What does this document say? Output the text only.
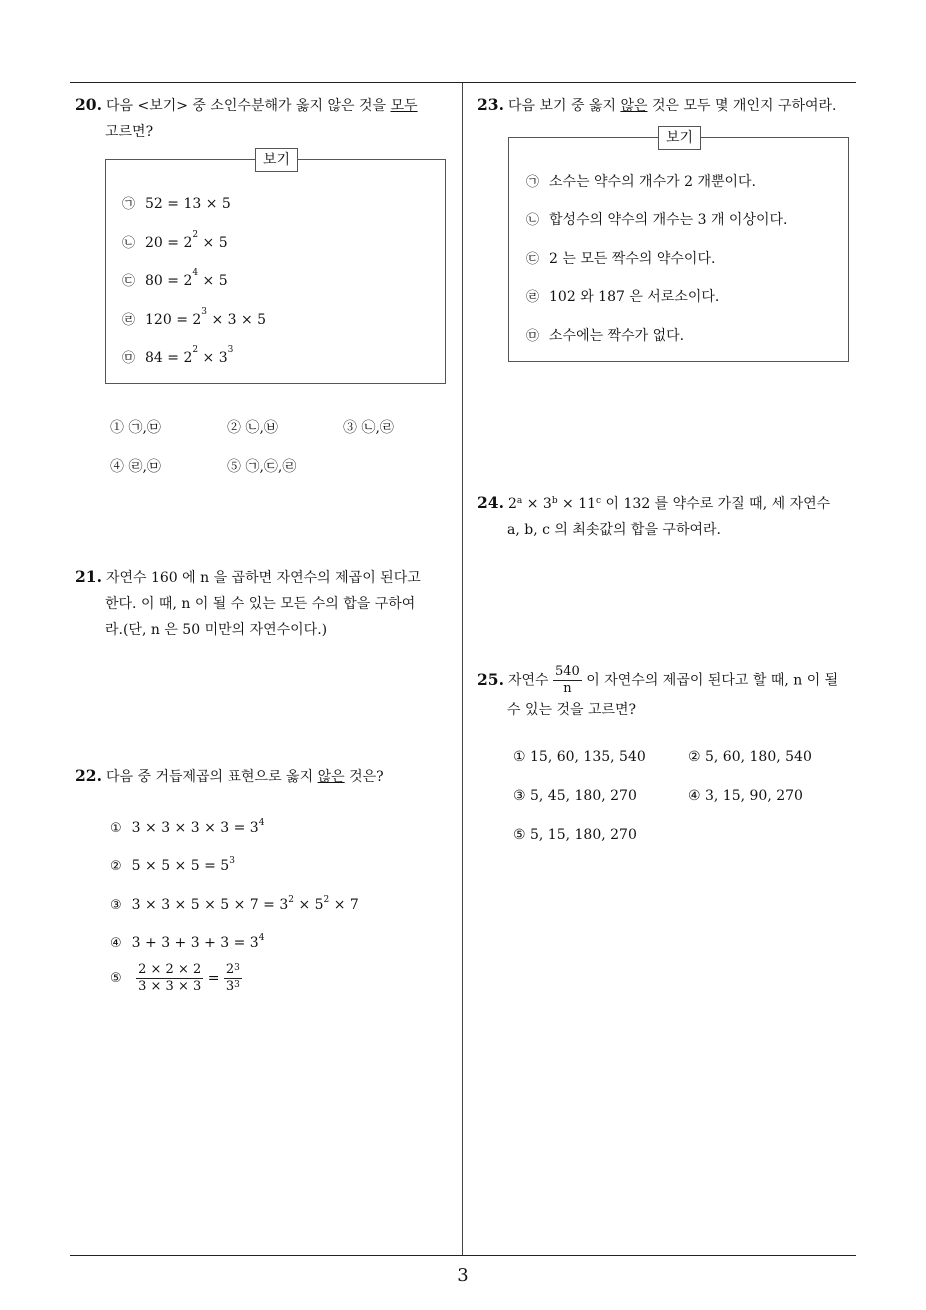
20. 다음 <보기> 중 소인수분해가 옳지 않은 것을 모두
고르면?
보기
㉠ 52 = 13 × 5
㉡ $20 = 2^2 \times 5$
㉢ $80 = 2^4 \times 5$
㉣ $120 = 2^3 \times 3 \times 5$
㉤ $84 = 2^2 \times 3^3$
① ㉠,㉤	② ㉡,㉥	③ ㉡,㉣
④ ㉣,㉤	⑤ ㉠,㉢,㉣
21. 자연수 160 에 n 을 곱하면 자연수의 제곱이 된다고
한다. 이 때, n 이 될 수 있는 모든 수의 합을 구하여
라.(단, n 은 50 미만의 자연수이다.)
22. 다음 중 거듭제곱의 표현으로 옳지 않은 것은?
① $3 \times 3 \times 3 \times 3 = 3^4$
② $5 \times 5 \times 5 = 5^3$
③ $3 \times 3 \times 5 \times 5 \times 7 = 3^2 \times 5^2 \times 7$
④ $3 + 3 + 3 + 3 = 3^4$
⑤ $\frac{2 \times 2 \times 2}{3 \times 3 \times 3} = \frac{2^3}{3^3}$
23. 다음 보기 중 옳지 않은 것은 모두 몇 개인지 구하여라.
보기
㉠ 소수는 약수의 개수가 2 개뿐이다.
㉡ 합성수의 약수의 개수는 3 개 이상이다.
㉢ 2 는 모든 짝수의 약수이다.
㉣ 102 와 187 은 서로소이다.
㉤ 소수에는 짝수가 없다.
24. $2^a \times 3^b \times 11^c$ 이 132 를 약수로 가질 때, 세 자연수
a, b, c 의 최솟값의 합을 구하여라.
25. 자연수 $\frac{540}{n}$ 이 자연수의 제곱이 된다고 할 때, n 이 될
수 있는 것을 고르면?
① 15, 60, 135, 540	② 5, 60, 180, 540
③ 5, 45, 180, 270	④ 3, 15, 90, 270
⑤ 5, 15, 180, 270
3
